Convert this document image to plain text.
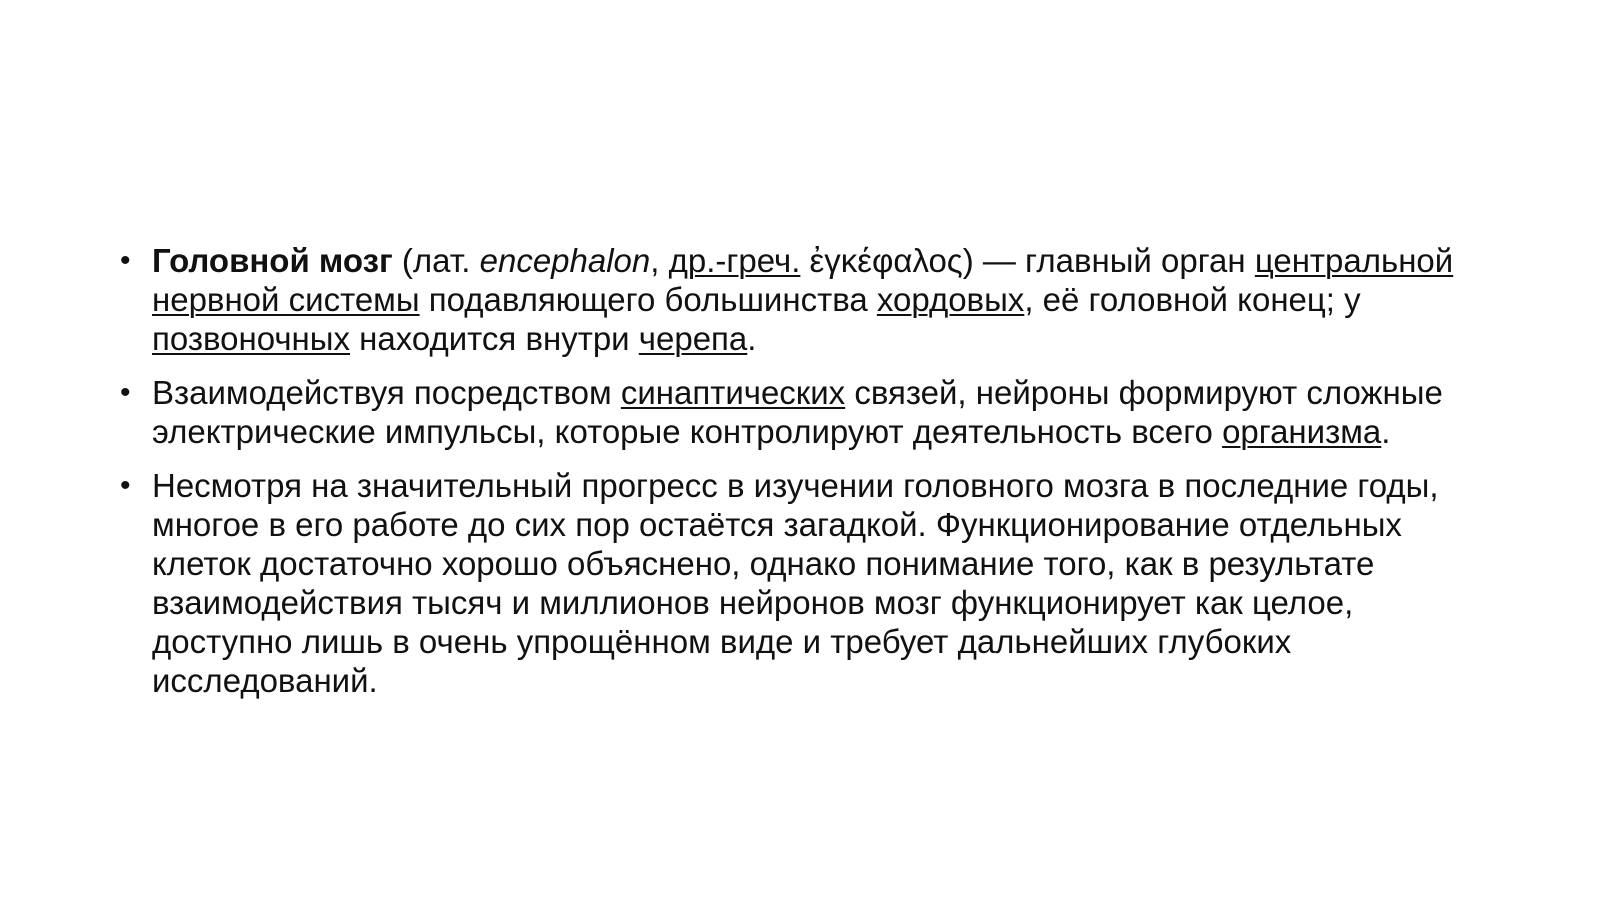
• Головной мозг (лат. encephalon, др.-греч. ἐγκέφαλος) — главный орган центральной нервной системы подавляющего большинства хордовых, её головной конец; у позвоночных находится внутри черепа.
• Взаимодействуя посредством синаптических связей, нейроны формируют сложные электрические импульсы, которые контролируют деятельность всего организма.
• Несмотря на значительный прогресс в изучении головного мозга в последние годы, многое в его работе до сих пор остаётся загадкой. Функционирование отдельных клеток достаточно хорошо объяснено, однако понимание того, как в результате взаимодействия тысяч и миллионов нейронов мозг функционирует как целое, доступно лишь в очень упрощённом виде и требует дальнейших глубоких исследований.
